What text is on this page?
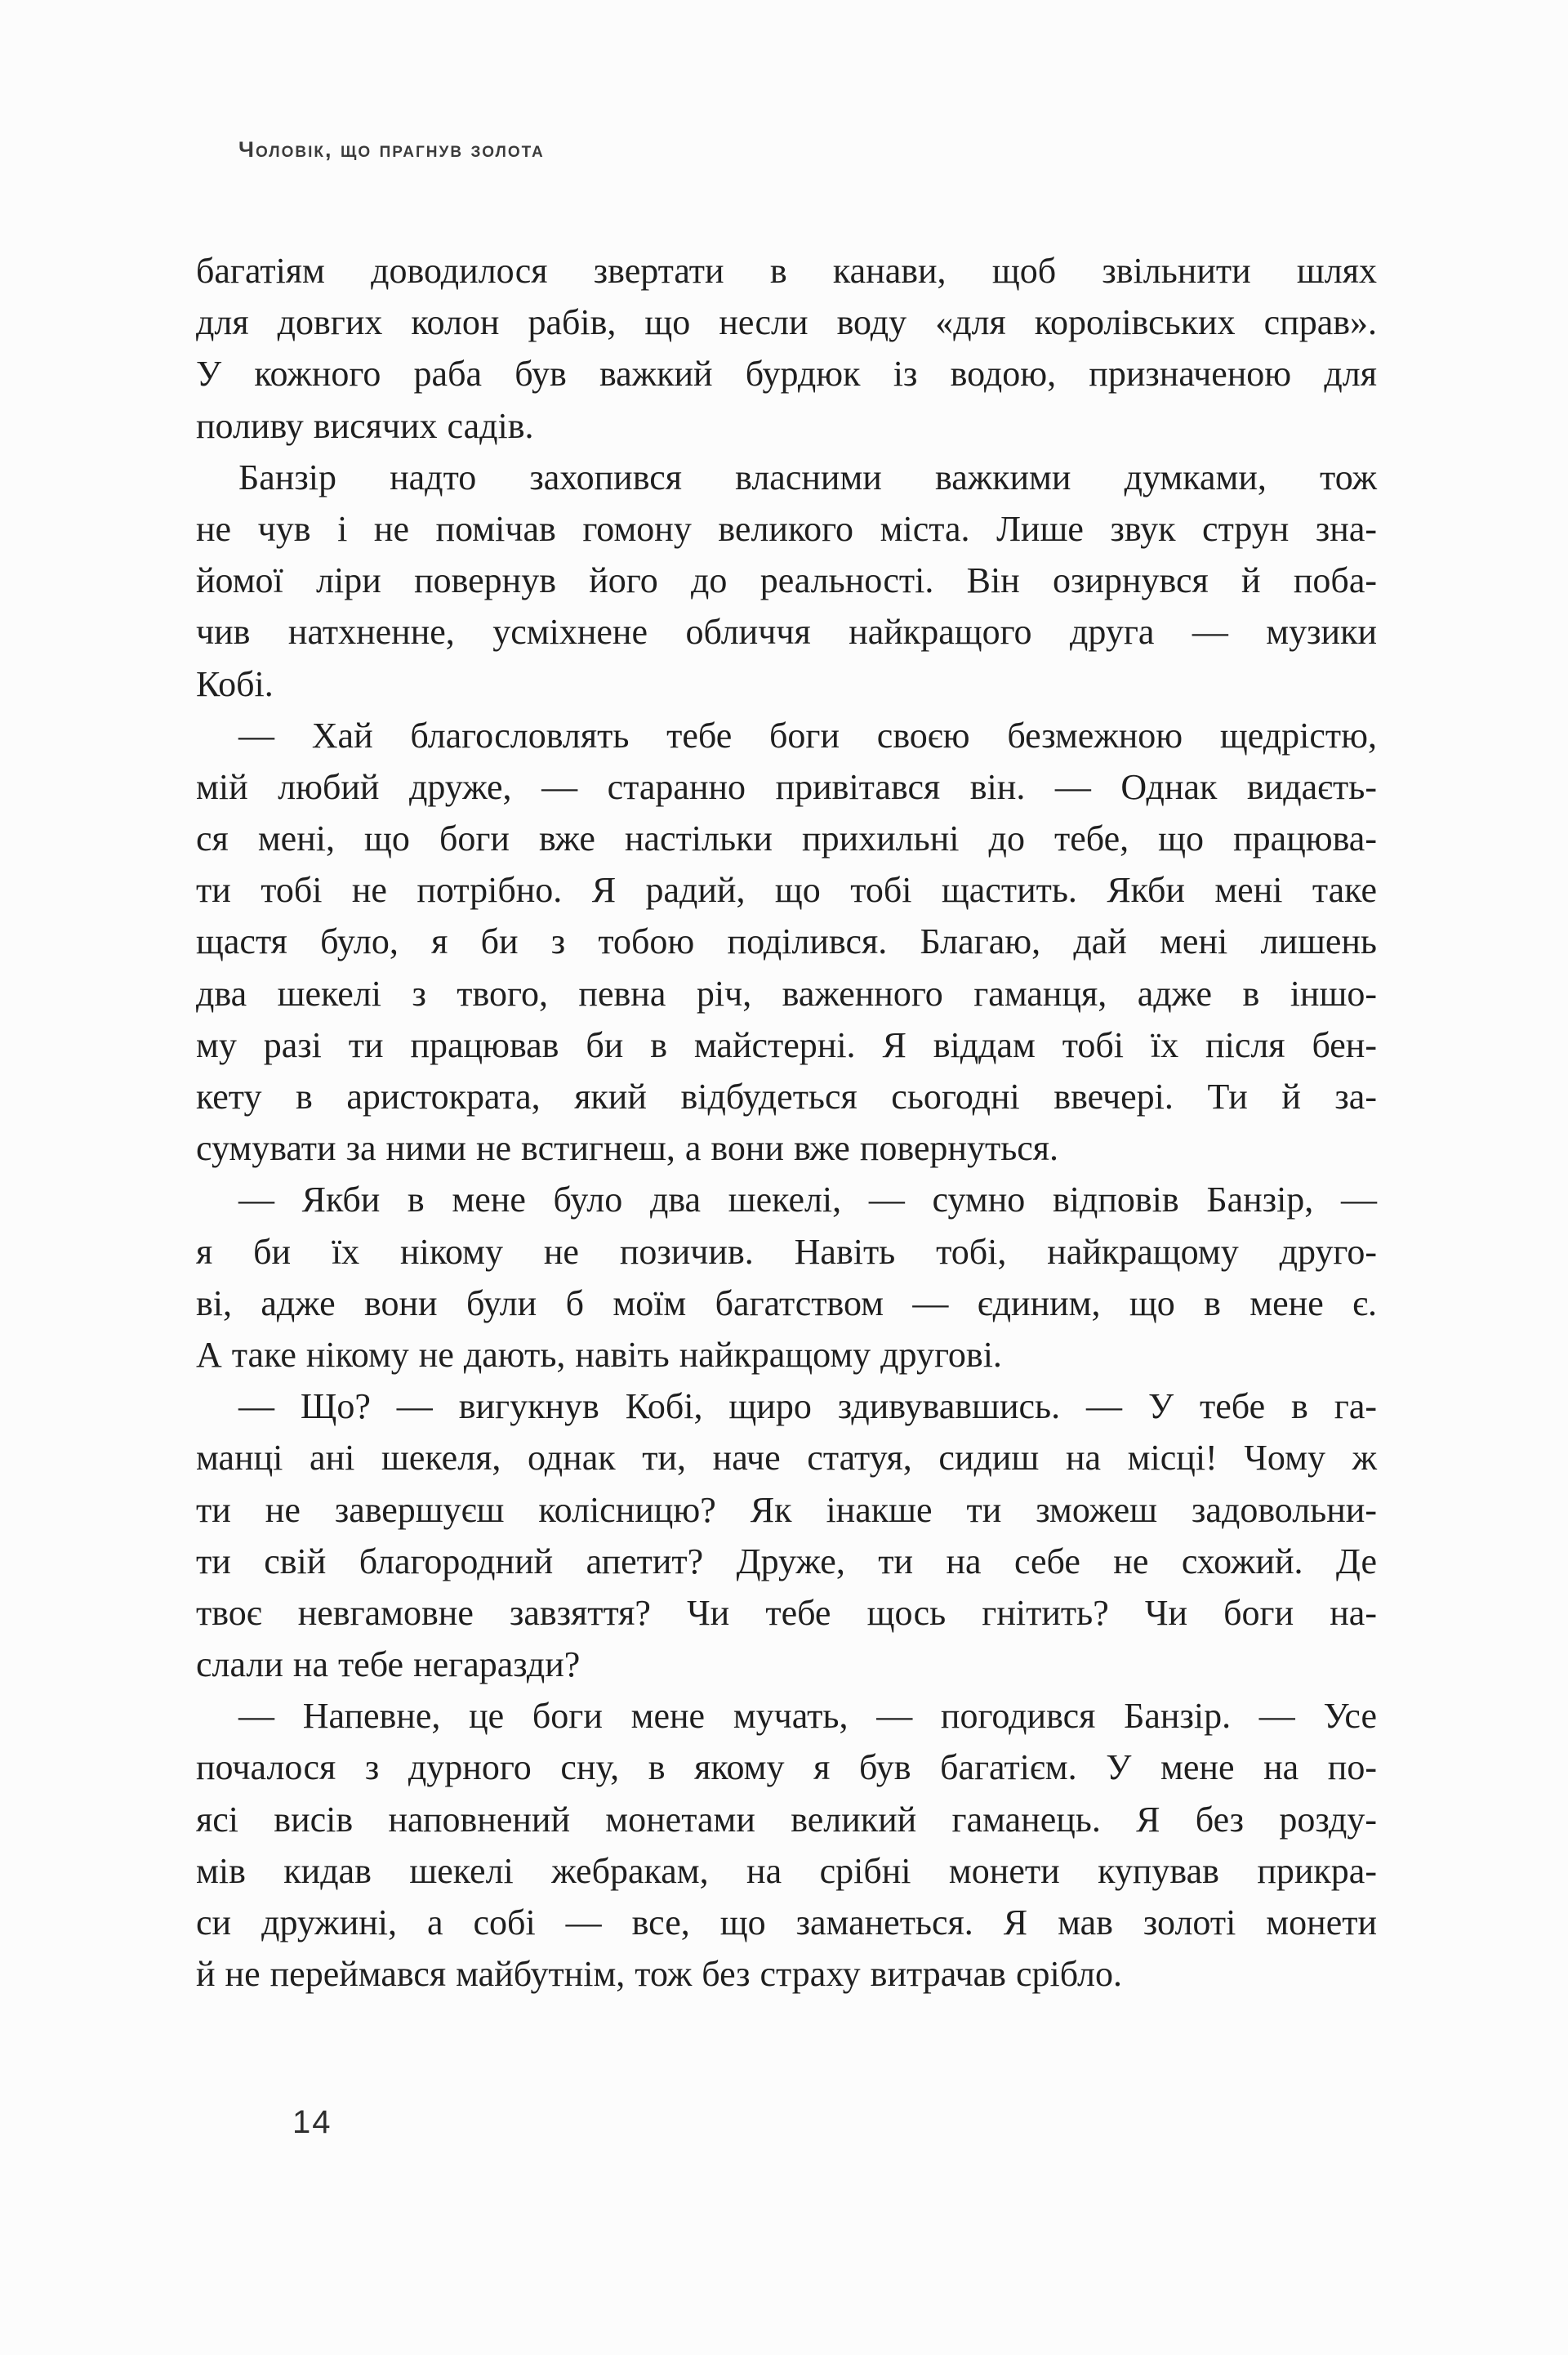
Чоловік, що прагнув золота
багатіям доводилося звертати в канави, щоб звільнити шлях
для довгих колон рабів, що несли воду «для королівських справ».
У кожного раба був важкий бурдюк із водою, призначеною для
поливу висячих садів.
Банзір надто захопився власними важкими думками, тож
не чув і не помічав гомону великого міста. Лише звук струн зна-
йомої ліри повернув його до реальності. Він озирнувся й поба-
чив натхненне, усміхнене обличчя найкращого друга — музики
Кобі.
— Хай благословлять тебе боги своєю безмежною щедрістю,
мій любий друже, — старанно привітався він. — Однак видаєть-
ся мені, що боги вже настільки прихильні до тебе, що працюва-
ти тобі не потрібно. Я радий, що тобі щастить. Якби мені таке
щастя було, я би з тобою поділився. Благаю, дай мені лишень
два шекелі з твого, певна річ, важенного гаманця, адже в іншо-
му разі ти працював би в майстерні. Я віддам тобі їх після бен-
кету в аристократа, який відбудеться сьогодні ввечері. Ти й за-
сумувати за ними не встигнеш, а вони вже повернуться.
— Якби в мене було два шекелі, — сумно відповів Банзір, —
я би їх нікому не позичив. Навіть тобі, найкращому друго-
ві, адже вони були б моїм багатством — єдиним, що в мене є.
А таке нікому не дають, навіть найкращому другові.
— Що? — вигукнув Кобі, щиро здивувавшись. — У тебе в га-
манці ані шекеля, однак ти, наче статуя, сидиш на місці! Чому ж
ти не завершуєш колісницю? Як інакше ти зможеш задовольни-
ти свій благородний апетит? Друже, ти на себе не схожий. Де
твоє невгамовне завзяття? Чи тебе щось гнітить? Чи боги на-
слали на тебе негаразди?
— Напевне, це боги мене мучать, — погодився Банзір. — Усе
почалося з дурного сну, в якому я був багатієм. У мене на по-
ясі висів наповнений монетами великий гаманець. Я без розду-
мів кидав шекелі жебракам, на срібні монети купував прикра-
си дружині, а собі — все, що заманеться. Я мав золоті монети
й не переймався майбутнім, тож без страху витрачав срібло.
14
